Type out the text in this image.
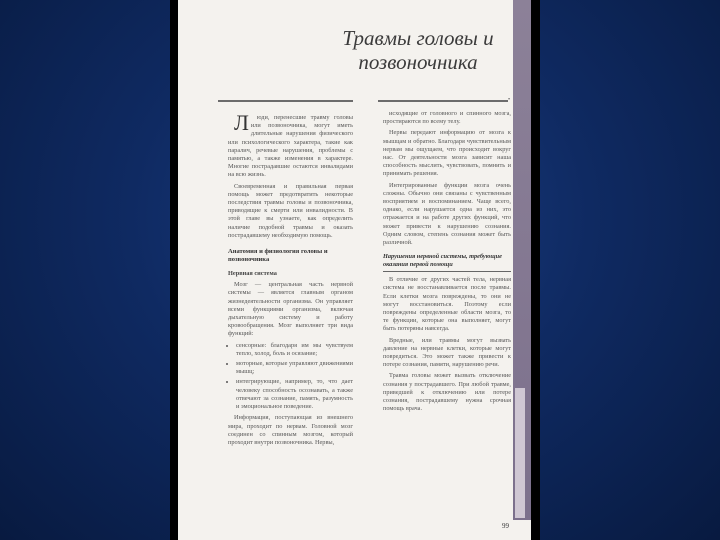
Травмы головы и
позвоночника
•

Л юди, перенесшие травму головы или позвоночника, могут иметь длительные нарушения физического или психологического характера, такие как паралич, речевые нарушения, проблемы с памятью, а также изменения в характере. Многие пострадавшие остаются инвалидами на всю жизнь.

Своевременная и правильная первая помощь может предотвратить некоторые последствия травмы головы и позвоночника, приводящие к смерти или инвалидности. В этой главе вы узнаете, как определить наличие подобной травмы и оказать пострадавшему необходимую помощь.

Анатомия и физиология головы и позвоночника
Нервная система

Мозг — центральная часть нервной системы — является главным органом жизнедеятельности организма. Он управляет всеми функциями организма, включая дыхательную систему и работу кровообращения. Мозг выполняет три вида функций:

• сенсорные: благодаря им мы чувствуем тепло, холод, боль и осязание;
• моторные, которые управляют движениями мышц;
• интегрирующие, например, то, что дает человеку способность осознавать, а также отвечают за сознание, память, разумность и эмоциональное поведение.

Информация, поступающая из внешнего мира, проходит по нервам. Головной мозг соединен со спинным мозгом, который проходит внутри позвоночника. Нервы,

исходящие от головного и спинного мозга, простираются по всему телу.

Нервы передают информацию от мозга к мышцам и обратно. Благодаря чувствительным нервам мы ощущаем, что происходит вокруг нас. От деятельности мозга зависит наша способность мыслить, чувствовать, помнить и принимать решения.

Интегрированные функции мозга очень сложны. Обычно они связаны с чувственным восприятием и воспоминанием. Чаще всего, однако, если нарушается одна из них, это отражается и на работе других функций, что может привести к нарушению сознания. Одним словом, степень сознания может быть различной.

Нарушения нервной системы, требующие оказания первой помощи

В отличие от других частей тела, нервная система не восстанавливается после травмы. Если клетки мозга повреждены, то они не могут восстановиться. Поэтому если повреждены определенные области мозга, то те функции, которые она выполняет, могут быть потеряны навсегда.

Вредные, или травмы могут вызвать давление на нервные клетки, которые могут повредиться. Это может также привести к потере сознания, памяти, нарушению речи.

Травма головы может вызвать отключение сознания у пострадавшего. При любой травме, приведшей к отключению или потере сознания, пострадавшему нужна срочная помощь врача.

99
